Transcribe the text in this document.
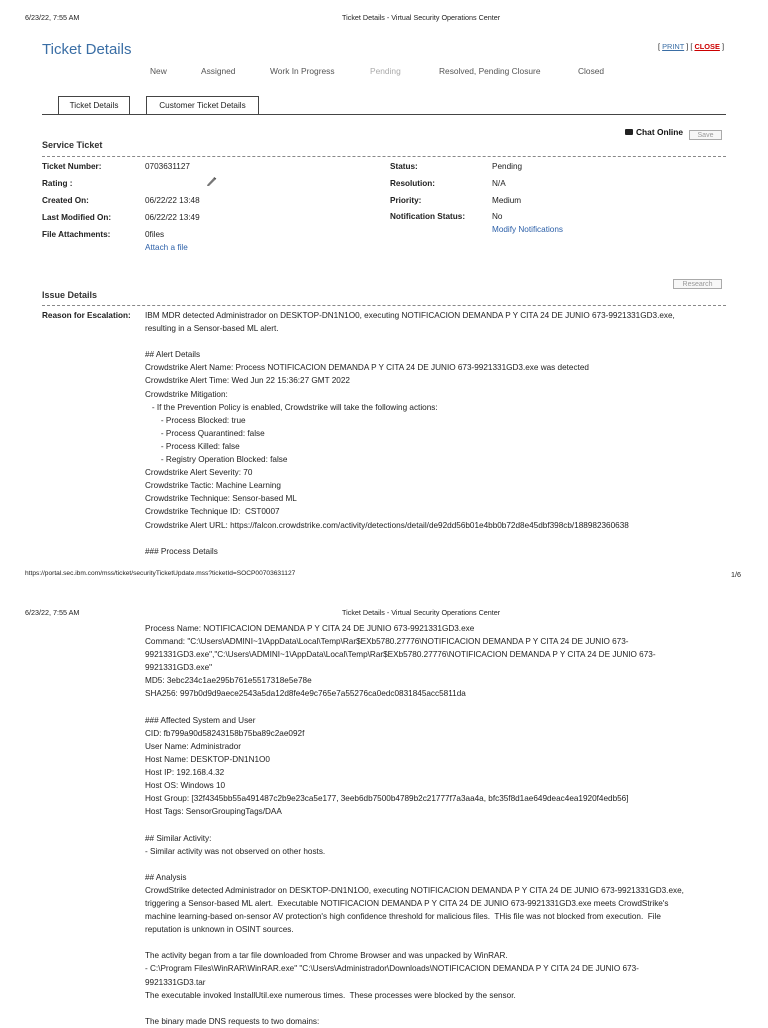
6/23/22, 7:55 AM	Ticket Details - Virtual Security Operations Center
Ticket Details	[ PRINT ] [ CLOSE ]
New	Assigned	Work In Progress	Pending	Resolved, Pending Closure	Closed
Ticket Details	Customer Ticket Details
Service Ticket
Chat Online	Save
Ticket Number:	0703631127
Rating :
Created On:	06/22/22 13:48
Last Modified On:	06/22/22 13:49
File Attachments:	0files
Attach a file
Status:	Pending
Resolution:	N/A
Priority:	Medium
Notification Status:	No
Modify Notifications
Research
Issue Details
Reason for Escalation: IBM MDR detected Administrador on DESKTOP-DN1N1O0, executing NOTIFICACION DEMANDA P Y CITA 24 DE JUNIO 673-9921331GD3.exe,
resulting in a Sensor-based ML alert.
## Alert Details
Crowdstrike Alert Name: Process NOTIFICACION DEMANDA P Y CITA 24 DE JUNIO 673-9921331GD3.exe was detected
Crowdstrike Alert Time: Wed Jun 22 15:36:27 GMT 2022
Crowdstrike Mitigation:
- If the Prevention Policy is enabled, Crowdstrike will take the following actions:
- Process Blocked: true
- Process Quarantined: false
- Process Killed: false
- Registry Operation Blocked: false
Crowdstrike Alert Severity: 70
Crowdstrike Tactic: Machine Learning
Crowdstrike Technique: Sensor-based ML
Crowdstrike Technique ID:  CST0007
Crowdstrike Alert URL: https://falcon.crowdstrike.com/activity/detections/detail/de92dd56b01e4bb0b72d8e45dbf398cb/188982360638
### Process Details
https://portal.sec.ibm.com/mss/ticket/securityTicketUpdate.mss?ticketId=SOCP00703631127	1/6
6/23/22, 7:55 AM	Ticket Details - Virtual Security Operations Center
Process Name: NOTIFICACION DEMANDA P Y CITA 24 DE JUNIO 673-9921331GD3.exe
Command: "C:\Users\ADMINI~1\AppData\Local\Temp\Rar$EXb5780.27776\NOTIFICACION DEMANDA P Y CITA 24 DE JUNIO 673-
9921331GD3.exe","C:\Users\ADMINI~1\AppData\Local\Temp\Rar$EXb5780.27776\NOTIFICACION DEMANDA P Y CITA 24 DE JUNIO 673-
9921331GD3.exe"
MD5: 3ebc234c1ae295b761e5517318e5e78e
SHA256: 997b0d9d9aece2543a5da12d8fe4e9c765e7a55276ca0edc0831845acc5811da
### Affected System and User
CID: fb799a90d58243158b75ba89c2ae092f
User Name: Administrador
Host Name: DESKTOP-DN1N1O0
Host IP: 192.168.4.32
Host OS: Windows 10
Host Group: [32f4345bb55a491487c2b9e23ca5e177, 3eeb6db7500b4789b2c21777f7a3aa4a, bfc35f8d1ae649deac4ea1920f4edb56]
Host Tags: SensorGroupingTags/DAA
## Similar Activity:
- Similar activity was not observed on other hosts.
## Analysis
CrowdStrike detected Administrador on DESKTOP-DN1N1O0, executing NOTIFICACION DEMANDA P Y CITA 24 DE JUNIO 673-9921331GD3.exe,
triggering a Sensor-based ML alert.  Executable NOTIFICACION DEMANDA P Y CITA 24 DE JUNIO 673-9921331GD3.exe meets CrowdStrike's
machine learning-based on-sensor AV protection's high confidence threshold for malicious files.  THis file was not blocked from execution.  File
reputation is unknown in OSINT sources.
The activity began from a tar file downloaded from Chrome Browser and was unpacked by WinRAR.
- C:\Program Files\WinRAR\WinRAR.exe" "C:\Users\Administrador\Downloads\NOTIFICACION DEMANDA P Y CITA 24 DE JUNIO 673-
9921331GD3.tar
The executable invoked InstallUtil.exe numerous times.  These processes were blocked by the sensor.
The binary made DNS requests to two domains:
